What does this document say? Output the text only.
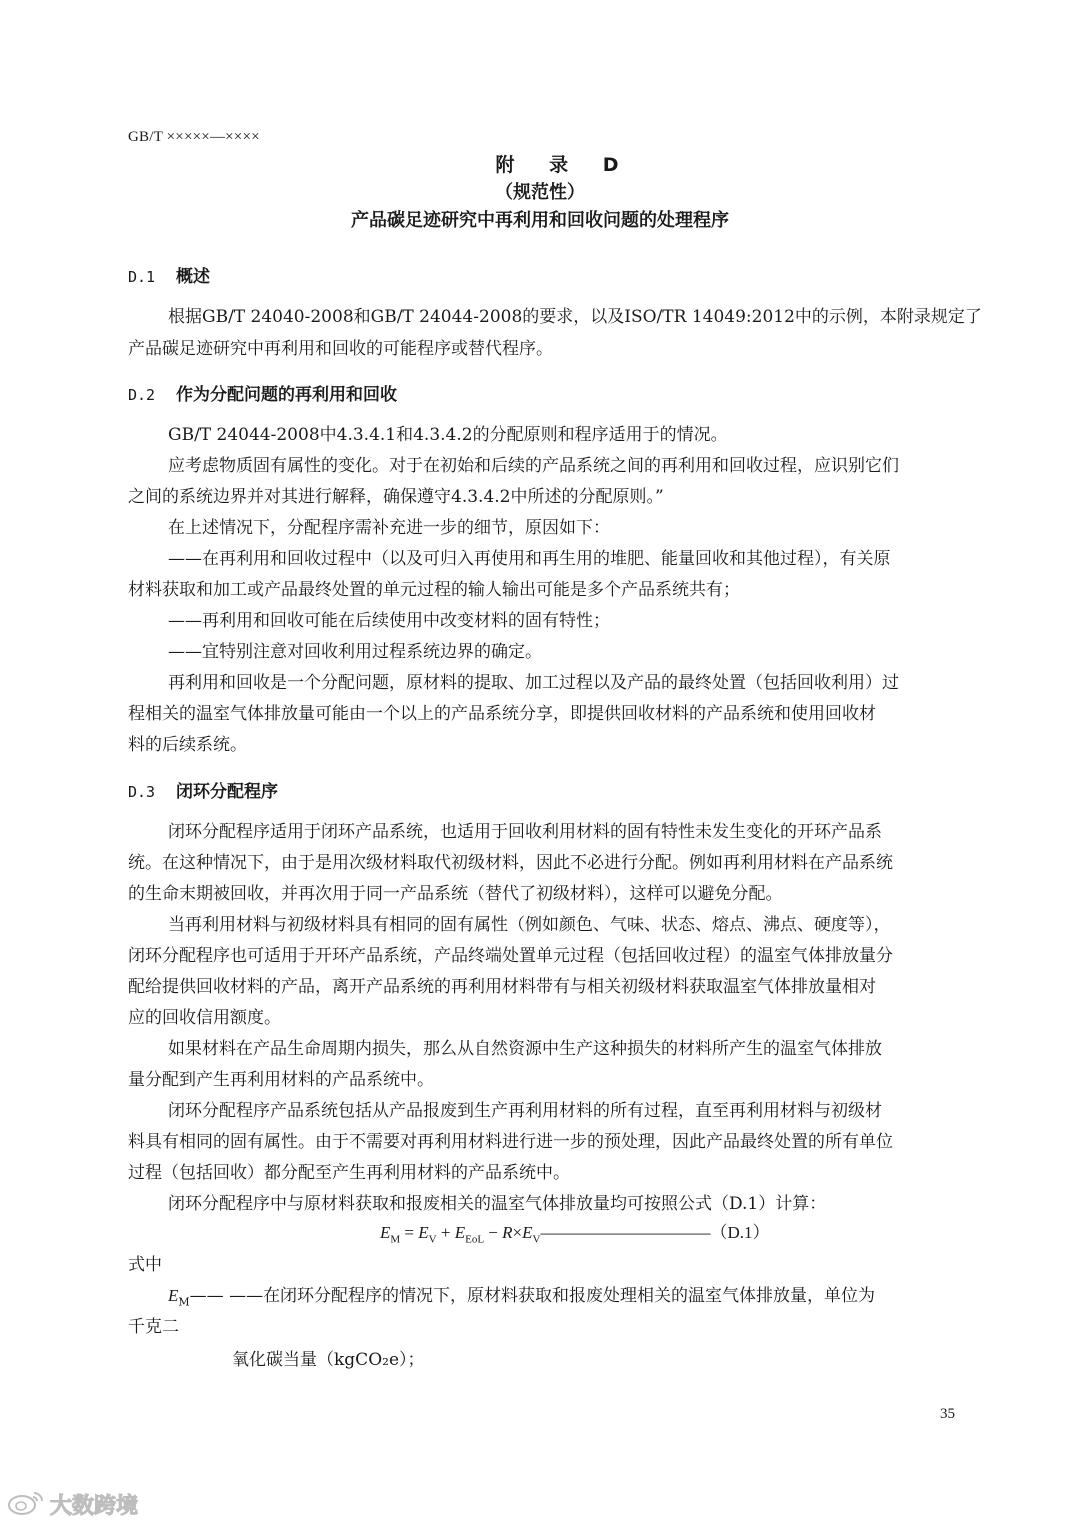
GB/T ×××××—××××
附 录 D
（规范性）
产品碳足迹研究中再利用和回收问题的处理程序
D.1 概述
根据GB/T 24040-2008和GB/T 24044-2008的要求，以及ISO/TR 14049:2012中的示例，本附录规定了
产品碳足迹研究中再利用和回收的可能程序或替代程序。
D.2 作为分配问题的再利用和回收
GB/T 24044-2008中4.3.4.1和4.3.4.2的分配原则和程序适用于的情况。
应考虑物质固有属性的变化。对于在初始和后续的产品系统之间的再利用和回收过程，应识别它们
之间的系统边界并对其进行解释，确保遵守4.3.4.2中所述的分配原则。”
在上述情况下，分配程序需补充进一步的细节，原因如下：
——在再利用和回收过程中（以及可归入再使用和再生用的堆肥、能量回收和其他过程），有关原
材料获取和加工或产品最终处置的单元过程的输人输出可能是多个产品系统共有；
——再利用和回收可能在后续使用中改变材料的固有特性；
——宜特别注意对回收利用过程系统边界的确定。
再利用和回收是一个分配问题，原材料的提取、加工过程以及产品的最终处置（包括回收利用）过
程相关的温室气体排放量可能由一个以上的产品系统分享，即提供回收材料的产品系统和使用回收材
料的后续系统。
D.3 闭环分配程序
闭环分配程序适用于闭环产品系统，也适用于回收利用材料的固有特性未发生变化的开环产品系
统。在这种情况下，由于是用次级材料取代初级材料，因此不必进行分配。例如再利用材料在产品系统
的生命末期被回收，并再次用于同一产品系统（替代了初级材料），这样可以避免分配。
当再利用材料与初级材料具有相同的固有属性（例如颜色、气味、状态、熔点、沸点、硬度等），
闭环分配程序也可适用于开环产品系统，产品终端处置单元过程（包括回收过程）的温室气体排放量分
配给提供回收材料的产品，离开产品系统的再利用材料带有与相关初级材料获取温室气体排放量相对
应的回收信用额度。
如果材料在产品生命周期内损失，那么从自然资源中生产这种损失的材料所产生的温室气体排放
量分配到产生再利用材料的产品系统中。
闭环分配程序产品系统包括从产品报废到生产再利用材料的所有过程，直至再利用材料与初级材
料具有相同的固有属性。由于不需要对再利用材料进行进一步的预处理，因此产品最终处置的所有单位
过程（包括回收）都分配至产生再利用材料的产品系统中。
闭环分配程序中与原材料获取和报废相关的温室气体排放量均可按照公式（D.1）计算：
$E_M = E_V + E_{EoL}$ − $R\times E_V——————————(D.1)$
式中
$E_M——$ ——在闭环分配程序的情况下，原材料获取和报废处理相关的温室气体排放量，单位为
千克二
氧化碳当量（kgCO₂e）；
35
大数跨境
